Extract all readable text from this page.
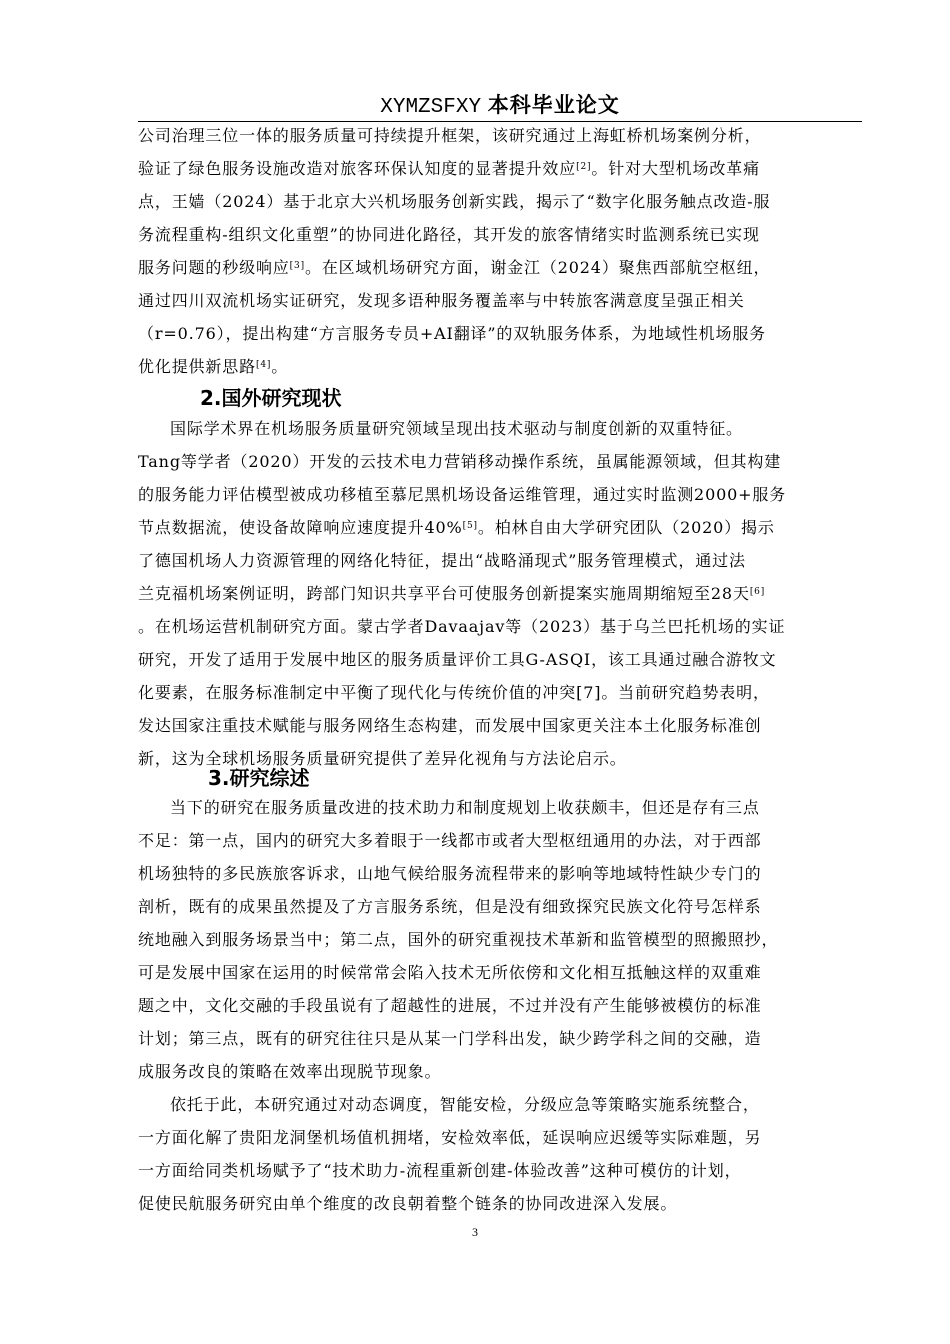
XYMZSFXY 本科毕业论文
公司治理三位一体的服务质量可持续提升框架，该研究通过上海虹桥机场案例分析，
验证了绿色服务设施改造对旅客环保认知度的显著提升效应[2]。针对大型机场改革痛
点，王嫱（2024）基于北京大兴机场服务创新实践，揭示了“数字化服务触点改造-服
务流程重构-组织文化重塑”的协同进化路径，其开发的旅客情绪实时监测系统已实现
服务问题的秒级响应[3]。在区域机场研究方面，谢金江（2024）聚焦西部航空枢纽，
通过四川双流机场实证研究，发现多语种服务覆盖率与中转旅客满意度呈强正相关
（r=0.76），提出构建“方言服务专员+AI翻译”的双轨服务体系，为地域性机场服务
优化提供新思路[4]。
2.国外研究现状
国际学术界在机场服务质量研究领域呈现出技术驱动与制度创新的双重特征。
Tang等学者（2020）开发的云技术电力营销移动操作系统，虽属能源领域，但其构建
的服务能力评估模型被成功移植至慕尼黑机场设备运维管理，通过实时监测2000+服务
节点数据流，使设备故障响应速度提升40%[5]。柏林自由大学研究团队（2020）揭示
了德国机场人力资源管理的网络化特征，提出“战略涌现式”服务管理模式，通过法
兰克福机场案例证明，跨部门知识共享平台可使服务创新提案实施周期缩短至28天[6]
。在机场运营机制研究方面。蒙古学者Davaajav等（2023）基于乌兰巴托机场的实证
研究，开发了适用于发展中地区的服务质量评价工具G-ASQI，该工具通过融合游牧文
化要素，在服务标准制定中平衡了现代化与传统价值的冲突[7]。当前研究趋势表明，
发达国家注重技术赋能与服务网络生态构建，而发展中国家更关注本土化服务标准创
新，这为全球机场服务质量研究提供了差异化视角与方法论启示。
3.研究综述
当下的研究在服务质量改进的技术助力和制度规划上收获颇丰，但还是存有三点
不足：第一点，国内的研究大多着眼于一线都市或者大型枢纽通用的办法，对于西部
机场独特的多民族旅客诉求，山地气候给服务流程带来的影响等地域特性缺少专门的
剖析，既有的成果虽然提及了方言服务系统，但是没有细致探究民族文化符号怎样系
统地融入到服务场景当中；第二点，国外的研究重视技术革新和监管模型的照搬照抄，
可是发展中国家在运用的时候常常会陷入技术无所依傍和文化相互抵触这样的双重难
题之中，文化交融的手段虽说有了超越性的进展，不过并没有产生能够被模仿的标准
计划；第三点，既有的研究往往只是从某一门学科出发，缺少跨学科之间的交融，造
成服务改良的策略在效率出现脱节现象。
依托于此，本研究通过对动态调度，智能安检，分级应急等策略实施系统整合，
一方面化解了贵阳龙洞堡机场值机拥堵，安检效率低，延误响应迟缓等实际难题，另
一方面给同类机场赋予了“技术助力-流程重新创建-体验改善”这种可模仿的计划，
促使民航服务研究由单个维度的改良朝着整个链条的协同改进深入发展。
3
